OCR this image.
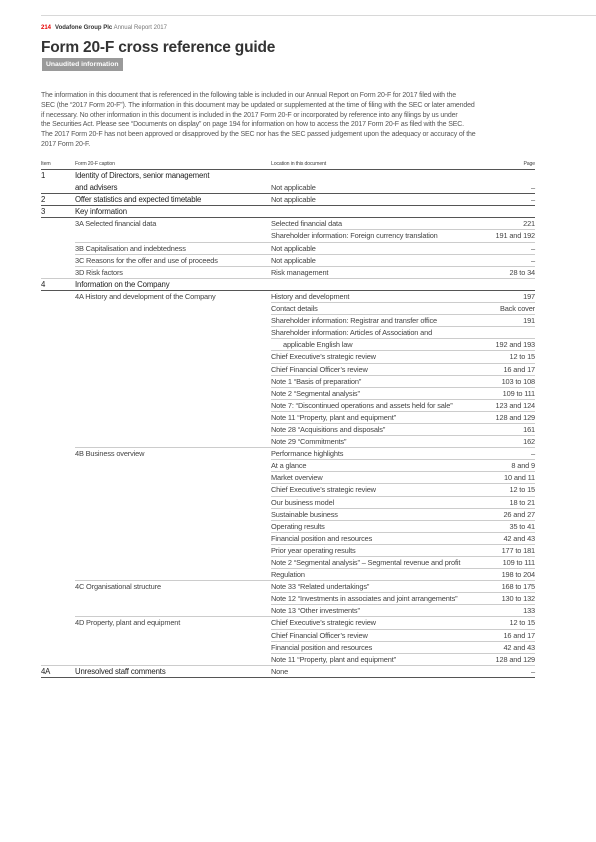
214 Vodafone Group Plc Annual Report 2017
Form 20-F cross reference guide
Unaudited information
The information in this document that is referenced in the following table is included in our Annual Report on Form 20-F for 2017 filed with the
SEC (the “2017 Form 20-F”). The information in this document may be updated or supplemented at the time of filing with the SEC or later amended
if necessary. No other information in this document is included in the 2017 Form 20-F or incorporated by reference into any filings by us under
the Securities Act. Please see “Documents on display” on page 194 for information on how to access the 2017 Form 20-F as filed with the SEC.
The 2017 Form 20-F has not been approved or disapproved by the SEC nor has the SEC passed judgement upon the adequacy or accuracy of the
2017 Form 20-F.
Item	Form 20-F caption	Location in this document	Page
1	Identity of Directors, senior management
and advisers	Not applicable	–
2	Offer statistics and expected timetable	Not applicable	–
3	Key information
3A Selected financial data	Selected financial data	221
Shareholder information: Foreign currency translation	191 and 192
3B Capitalisation and indebtedness	Not applicable	–
3C Reasons for the offer and use of proceeds	Not applicable	–
3D Risk factors	Risk management	28 to 34
4	Information on the Company
4A History and development of the Company	History and development	197
Contact details	Back cover
Shareholder information: Registrar and transfer office	191
Shareholder information: Articles of Association and
applicable English law	192 and 193
Chief Executive’s strategic review	12 to 15
Chief Financial Officer’s review	16 and 17
Note 1 “Basis of preparation”	103 to 108
Note 2 “Segmental analysis”	109 to 111
Note 7: “Discontinued operations and assets held for sale”	123 and 124
Note 11 “Property, plant and equipment”	128 and 129
Note 28 “Acquisitions and disposals”	161
Note 29 “Commitments”	162
4B Business overview	Performance highlights	–
At a glance	8 and 9
Market overview	10 and 11
Chief Executive’s strategic review	12 to 15
Our business model	18 to 21
Sustainable business	26 and 27
Operating results	35 to 41
Financial position and resources	42 and 43
Prior year operating results	177 to 181
Note 2 “Segmental analysis” – Segmental revenue and profit	109 to 111
Regulation	198 to 204
4C Organisational structure	Note 33 “Related undertakings”	168 to 175
Note 12 “Investments in associates and joint arrangements”	130 to 132
Note 13 “Other investments”	133
4D Property, plant and equipment	Chief Executive’s strategic review	12 to 15
Chief Financial Officer’s review	16 and 17
Financial position and resources	42 and 43
Note 11 “Property, plant and equipment”	128 and 129
4A	Unresolved staff comments	None	–
